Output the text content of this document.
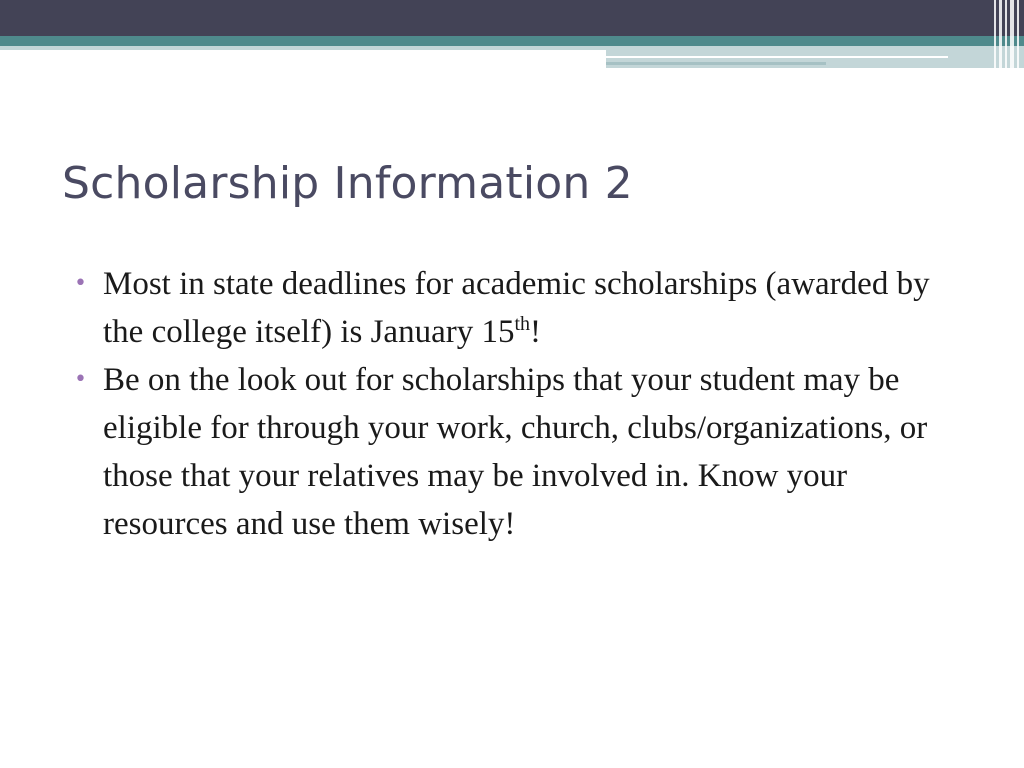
Scholarship Information 2
• Most in state deadlines for academic scholarships (awarded by the college itself) is January 15th!
• Be on the look out for scholarships that your student may be eligible for through your work, church, clubs/organizations, or those that your relatives may be involved in. Know your resources and use them wisely!
